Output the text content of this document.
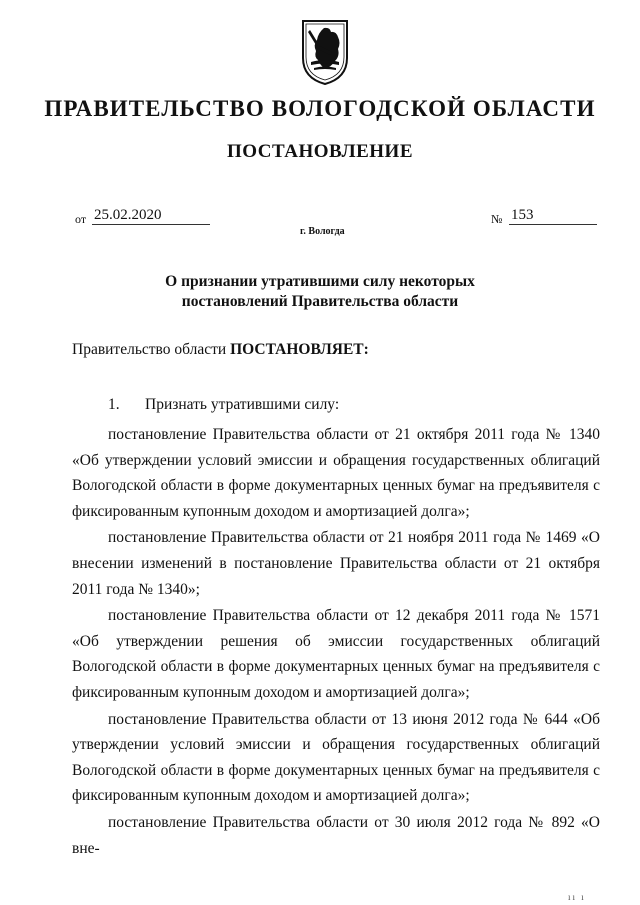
ПРАВИТЕЛЬСТВО ВОЛОГОДСКОЙ ОБЛАСТИ
ПОСТАНОВЛЕНИЕ
от 25.02.2020	№ 153
г. Вологда
О признании утратившими силу некоторых
постановлений Правительства области
Правительство области ПОСТАНОВЛЯЕТ:

1. Признать утратившими силу:

постановление Правительства области от 21 октября 2011 года № 1340 «Об утверждении условий эмиссии и обращения государственных облигаций Вологодской области в форме документарных ценных бумаг на предъявителя с фиксированным купонным доходом и амортизацией долга»;

постановление Правительства области от 21 ноября 2011 года № 1469 «О внесении изменений в постановление Правительства области от 21 октября 2011 года № 1340»;

постановление Правительства области от 12 декабря 2011 года № 1571 «Об утверждении решения об эмиссии государственных облигаций Вологодской области в форме документарных ценных бумаг на предъявителя с фиксированным купонным доходом и амортизацией долга»;

постановление Правительства области от 13 июня 2012 года № 644 «Об утверждении условий эмиссии и обращения государственных облигаций Вологодской области в форме документарных ценных бумаг на предъявителя с фиксированным купонным доходом и амортизацией долга»;

постановление Правительства области от 30 июля 2012 года № 892 «О вне-

ıı ı
